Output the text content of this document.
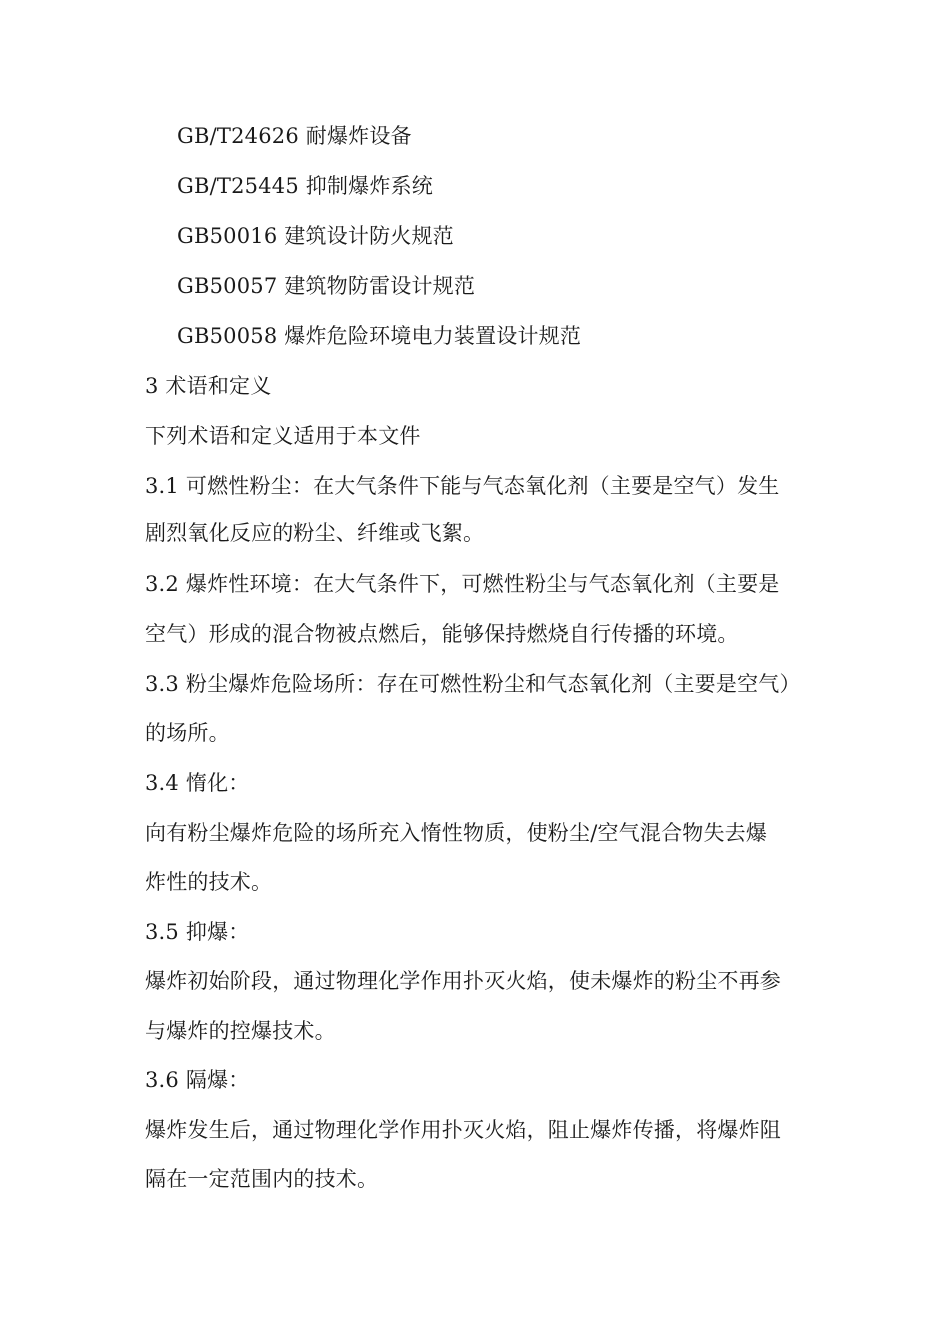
GB/T24626 耐爆炸设备
GB/T25445 抑制爆炸系统
GB50016 建筑设计防火规范
GB50057 建筑物防雷设计规范
GB50058 爆炸危险环境电力装置设计规范
3 术语和定义
下列术语和定义适用于本文件
3.1 可燃性粉尘：在大气条件下能与气态氧化剂（主要是空气）发生
剧烈氧化反应的粉尘、纤维或飞絮。
3.2 爆炸性环境：在大气条件下，可燃性粉尘与气态氧化剂（主要是
空气）形成的混合物被点燃后，能够保持燃烧自行传播的环境。
3.3 粉尘爆炸危险场所：存在可燃性粉尘和气态氧化剂（主要是空气）
的场所。
3.4 惰化：
向有粉尘爆炸危险的场所充入惰性物质，使粉尘/空气混合物失去爆
炸性的技术。
3.5 抑爆：
爆炸初始阶段，通过物理化学作用扑灭火焰，使未爆炸的粉尘不再参
与爆炸的控爆技术。
3.6 隔爆：
爆炸发生后，通过物理化学作用扑灭火焰，阻止爆炸传播，将爆炸阻
隔在一定范围内的技术。
